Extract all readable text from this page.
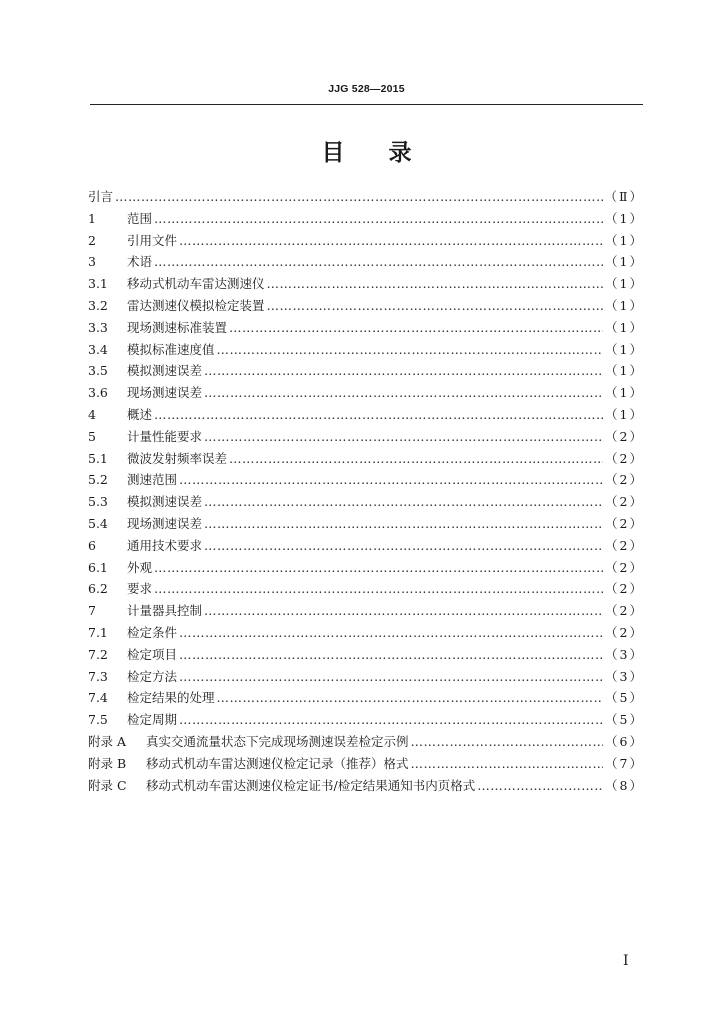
JJG 528—2015
目 录
引言 ……………………………………………………………………………………………………………………………………………………………………………………………	（Ⅱ）
1	范围 ……………………………………………………………………………………………………………………………………………………………………………………………	（1）
2	引用文件 ……………………………………………………………………………………………………………………………………………………………………………………………	（1）
3	术语 ……………………………………………………………………………………………………………………………………………………………………………………………	（1）
3.1	移动式机动车雷达测速仪 ……………………………………………………………………………………………………………………………………………………………………………………………	（1）
3.2	雷达测速仪模拟检定装置 ……………………………………………………………………………………………………………………………………………………………………………………………	（1）
3.3	现场测速标准装置 ……………………………………………………………………………………………………………………………………………………………………………………………	（1）
3.4	模拟标准速度值 ……………………………………………………………………………………………………………………………………………………………………………………………	（1）
3.5	模拟测速误差 ……………………………………………………………………………………………………………………………………………………………………………………………	（1）
3.6	现场测速误差 ……………………………………………………………………………………………………………………………………………………………………………………………	（1）
4	概述 ……………………………………………………………………………………………………………………………………………………………………………………………	（1）
5	计量性能要求 ……………………………………………………………………………………………………………………………………………………………………………………………	（2）
5.1	微波发射频率误差 ……………………………………………………………………………………………………………………………………………………………………………………………	（2）
5.2	测速范围 ……………………………………………………………………………………………………………………………………………………………………………………………	（2）
5.3	模拟测速误差 ……………………………………………………………………………………………………………………………………………………………………………………………	（2）
5.4	现场测速误差 ……………………………………………………………………………………………………………………………………………………………………………………………	（2）
6	通用技术要求 ……………………………………………………………………………………………………………………………………………………………………………………………	（2）
6.1	外观 ……………………………………………………………………………………………………………………………………………………………………………………………	（2）
6.2	要求 ……………………………………………………………………………………………………………………………………………………………………………………………	（2）
7	计量器具控制 ……………………………………………………………………………………………………………………………………………………………………………………………	（2）
7.1	检定条件 ……………………………………………………………………………………………………………………………………………………………………………………………	（2）
7.2	检定项目 ……………………………………………………………………………………………………………………………………………………………………………………………	（3）
7.3	检定方法 ……………………………………………………………………………………………………………………………………………………………………………………………	（3）
7.4	检定结果的处理 ……………………………………………………………………………………………………………………………………………………………………………………………	（5）
7.5	检定周期 ……………………………………………………………………………………………………………………………………………………………………………………………	（5）
附录 A	真实交通流量状态下完成现场测速误差检定示例 ……………………………………………………………………………………………………………………………………………………………………………………………	（6）
附录 B	移动式机动车雷达测速仪检定记录（推荐）格式 ……………………………………………………………………………………………………………………………………………………………………………………………	（7）
附录 C	移动式机动车雷达测速仪检定证书/检定结果通知书内页格式 ……………………………………………………………………………………………………………………………………………………………………………………………	（8）
I
